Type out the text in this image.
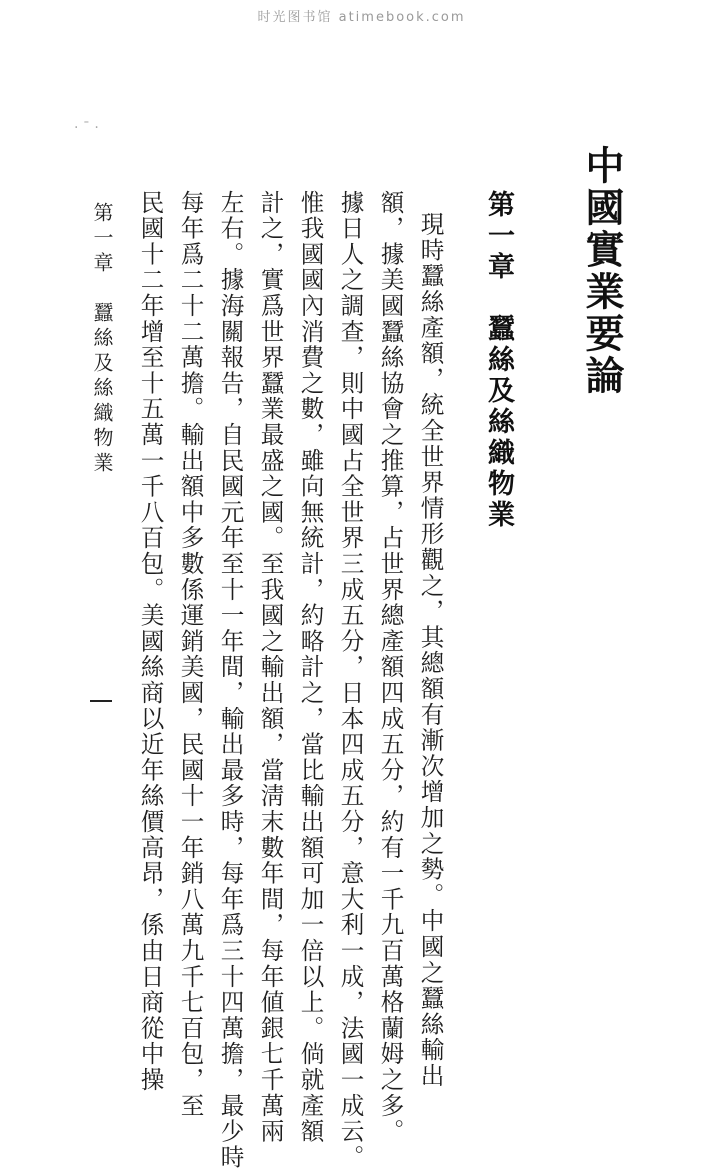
时光图书馆 atimebook.com
· ˉ ·
中國實業要論
第一章　蠶絲及絲織物業
　現時蠶絲產額，統全世界情形觀之，其總額有漸次增加之勢。中國之蠶絲輸出
額，據美國蠶絲協會之推算，占世界總產額四成五分，約有一千九百萬格蘭姆之多。
據日人之調查，則中國占全世界三成五分，日本四成五分，意大利一成，法國一成云。
惟我國國內消費之數，雖向無統計，約略計之，當比輸出額可加一倍以上。倘就產額
計之，實爲世界蠶業最盛之國。至我國之輸出額，當淸末數年間，每年値銀七千萬兩
左右。據海關報告，自民國元年至十一年間，輸出最多時，每年爲三十四萬擔，最少時
每年爲二十二萬擔。輸出額中多數係運銷美國，民國十一年銷八萬九千七百包，至
民國十二年增至十五萬一千八百包。美國絲商以近年絲價高昂，係由日商從中操
第一章　蠶絲及絲織物業
